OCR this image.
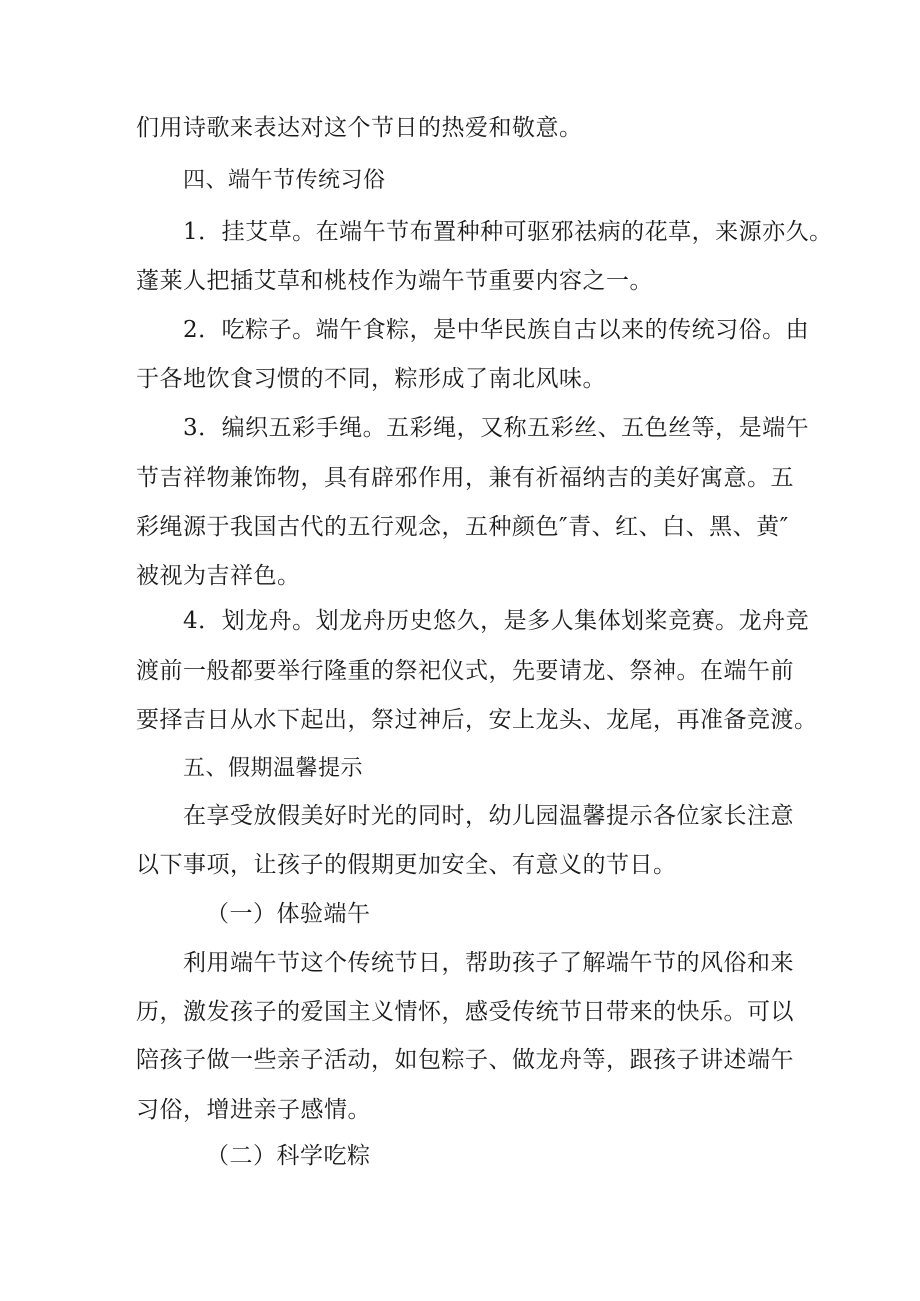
们用诗歌来表达对这个节日的热爱和敬意。
四、端午节传统习俗
1．挂艾草。在端午节布置种种可驱邪祛病的花草，来源亦久。
蓬莱人把插艾草和桃枝作为端午节重要内容之一。
2．吃粽子。端午食粽，是中华民族自古以来的传统习俗。由
于各地饮食习惯的不同，粽形成了南北风味。
3．编织五彩手绳。五彩绳，又称五彩丝、五色丝等，是端午
节吉祥物兼饰物，具有辟邪作用，兼有祈福纳吉的美好寓意。五
彩绳源于我国古代的五行观念，五种颜色″青、红、白、黑、黄″
被视为吉祥色。
4．划龙舟。划龙舟历史悠久，是多人集体划桨竞赛。龙舟竞
渡前一般都要举行隆重的祭祀仪式，先要请龙、祭神。在端午前
要择吉日从水下起出，祭过神后，安上龙头、龙尾，再准备竞渡。
五、假期温馨提示
在享受放假美好时光的同时，幼儿园温馨提示各位家长注意
以下事项，让孩子的假期更加安全、有意义的节日。
（一）体验端午
利用端午节这个传统节日，帮助孩子了解端午节的风俗和来
历，激发孩子的爱国主义情怀，感受传统节日带来的快乐。可以
陪孩子做一些亲子活动，如包粽子、做龙舟等，跟孩子讲述端午
习俗，增进亲子感情。
（二）科学吃粽
